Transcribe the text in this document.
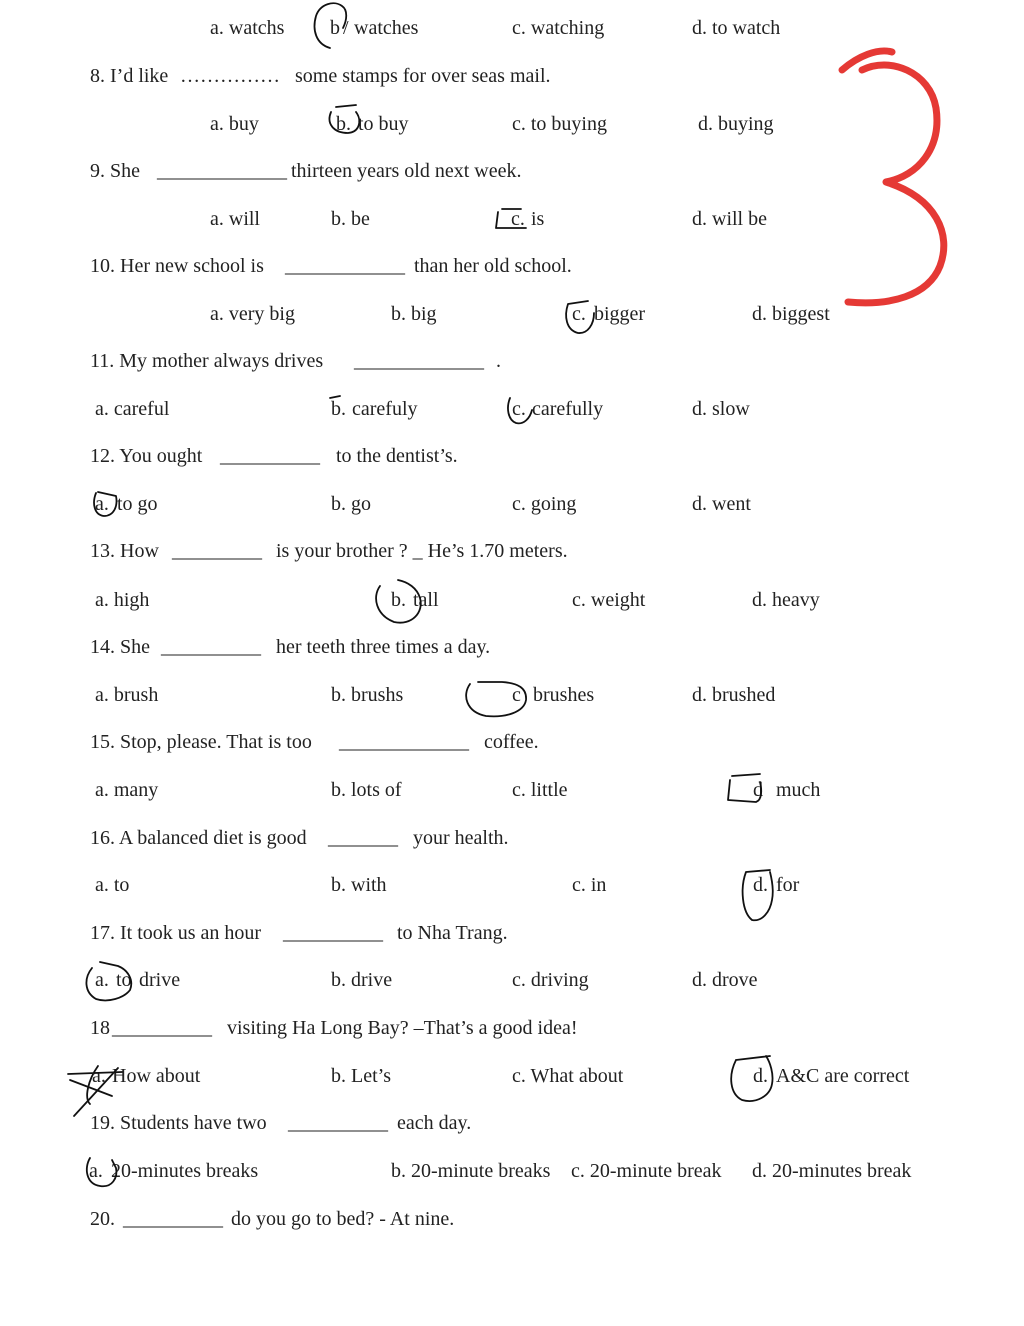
a. watchs b / watches	c. watching	d. to watch
8. I’d like …………… some stamps for over seas mail.
a. buy	b. to buy	c. to buying	d. buying
9. She _____________ thirteen years old next week.
a. will	b. be	c. is	d. will be
10. Her new school is ____________ than her old school.
a. very big	b. big	c. bigger	d. biggest
11. My mother always drives _____________ .
a. careful	b. carefuly	c. carefully	d. slow
12. You ought __________ to the dentist’s.
a. to go	b. go	c. going	d. went
13. How _________ is your brother ? _ He’s 1.70 meters.
a. high	b. tall	c. weight	d. heavy
14. She __________ her teeth three times a day.
a. brush	b. brushs	c brushes	d. brushed
15. Stop, please. That is too _____________ coffee.
a. many	b. lots of	c. little	d much
16. A balanced diet is good _______ your health.
a. to	b. with	c. in	d. for
17. It took us an hour __________ to Nha Trang.
a. to drive	b. drive	c. driving	d. drove
18 __________ visiting Ha Long Bay? –That’s a good idea!
a. How about	b. Let’s	c. What about	d. A&C are correct
19. Students have two __________ each day.
a. 20-minutes breaks	b. 20-minute breaks c. 20-minute break d. 20-minutes break
20. __________ do you go to bed? - At nine.
